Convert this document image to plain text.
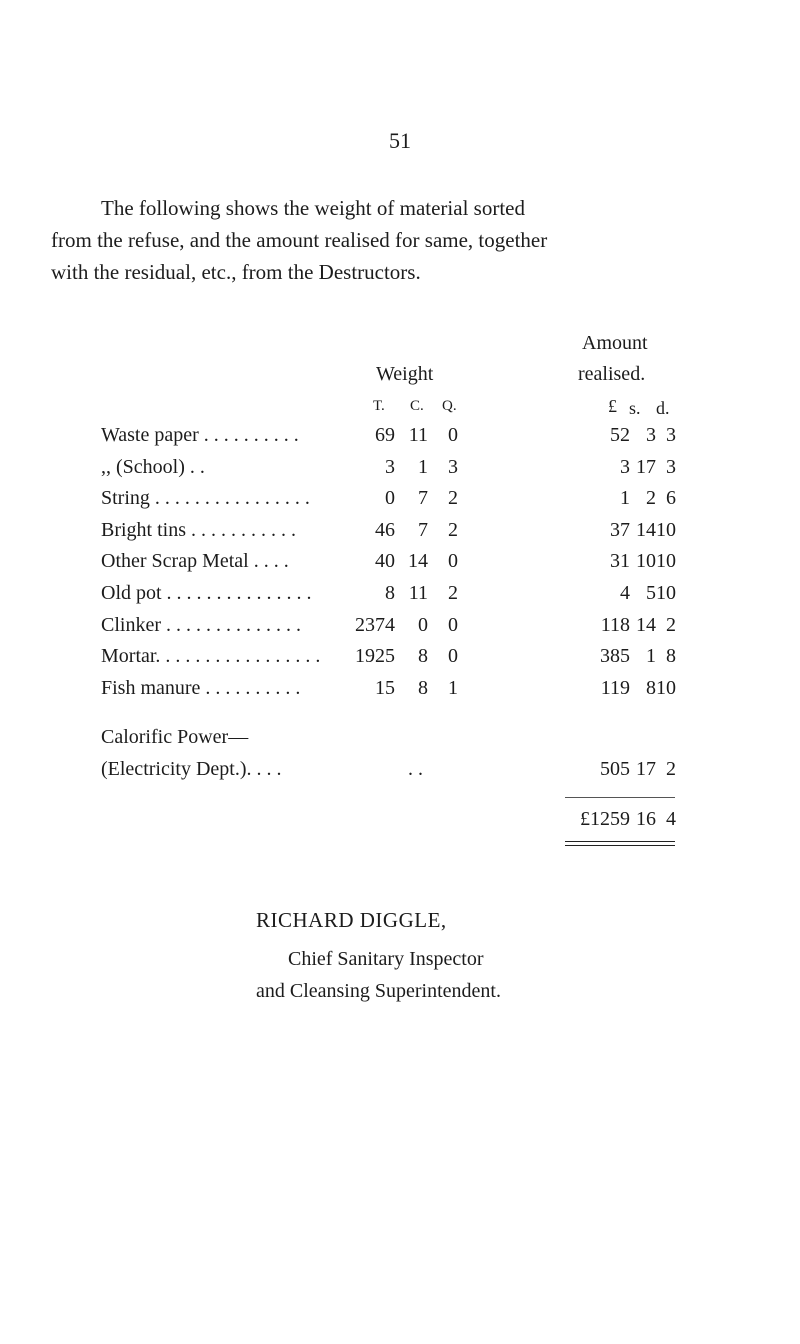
51
The following shows the weight of material sorted
from the refuse, and the amount realised for same, together
with the residual, etc., from the Destructors.
Amount
Weight	realised.
T. C. Q.	£ s. d.
Waste paper . . . . . . . . . .	69 11	0	52 3 3
,, (School) . .	3	1	3	3 17 3
String . . . . . . . . . . . . . . . .	0	7	2	1 2 6
Bright tins . . . . . . . . . . .	46	7	2	37 14 10
Other Scrap Metal . . . .	40 14	0	31 10 10
Old pot . . . . . . . . . . . . . . .	8 11	2	4 5 10
Clinker . . . . . . . . . . . . . .	2374	0	0	118 14 2
Mortar. . . . . . . . . . . . . . . . .	1925	8	0	385 1 8
Fish manure . . . . . . . . . .	15	8	1	119 8 10
Calorific Power—
(Electricity Dept.). . . .	. .	505 17 2
£1259 16 4
RICHARD DIGGLE,
Chief Sanitary Inspector
and Cleansing Superintendent.
